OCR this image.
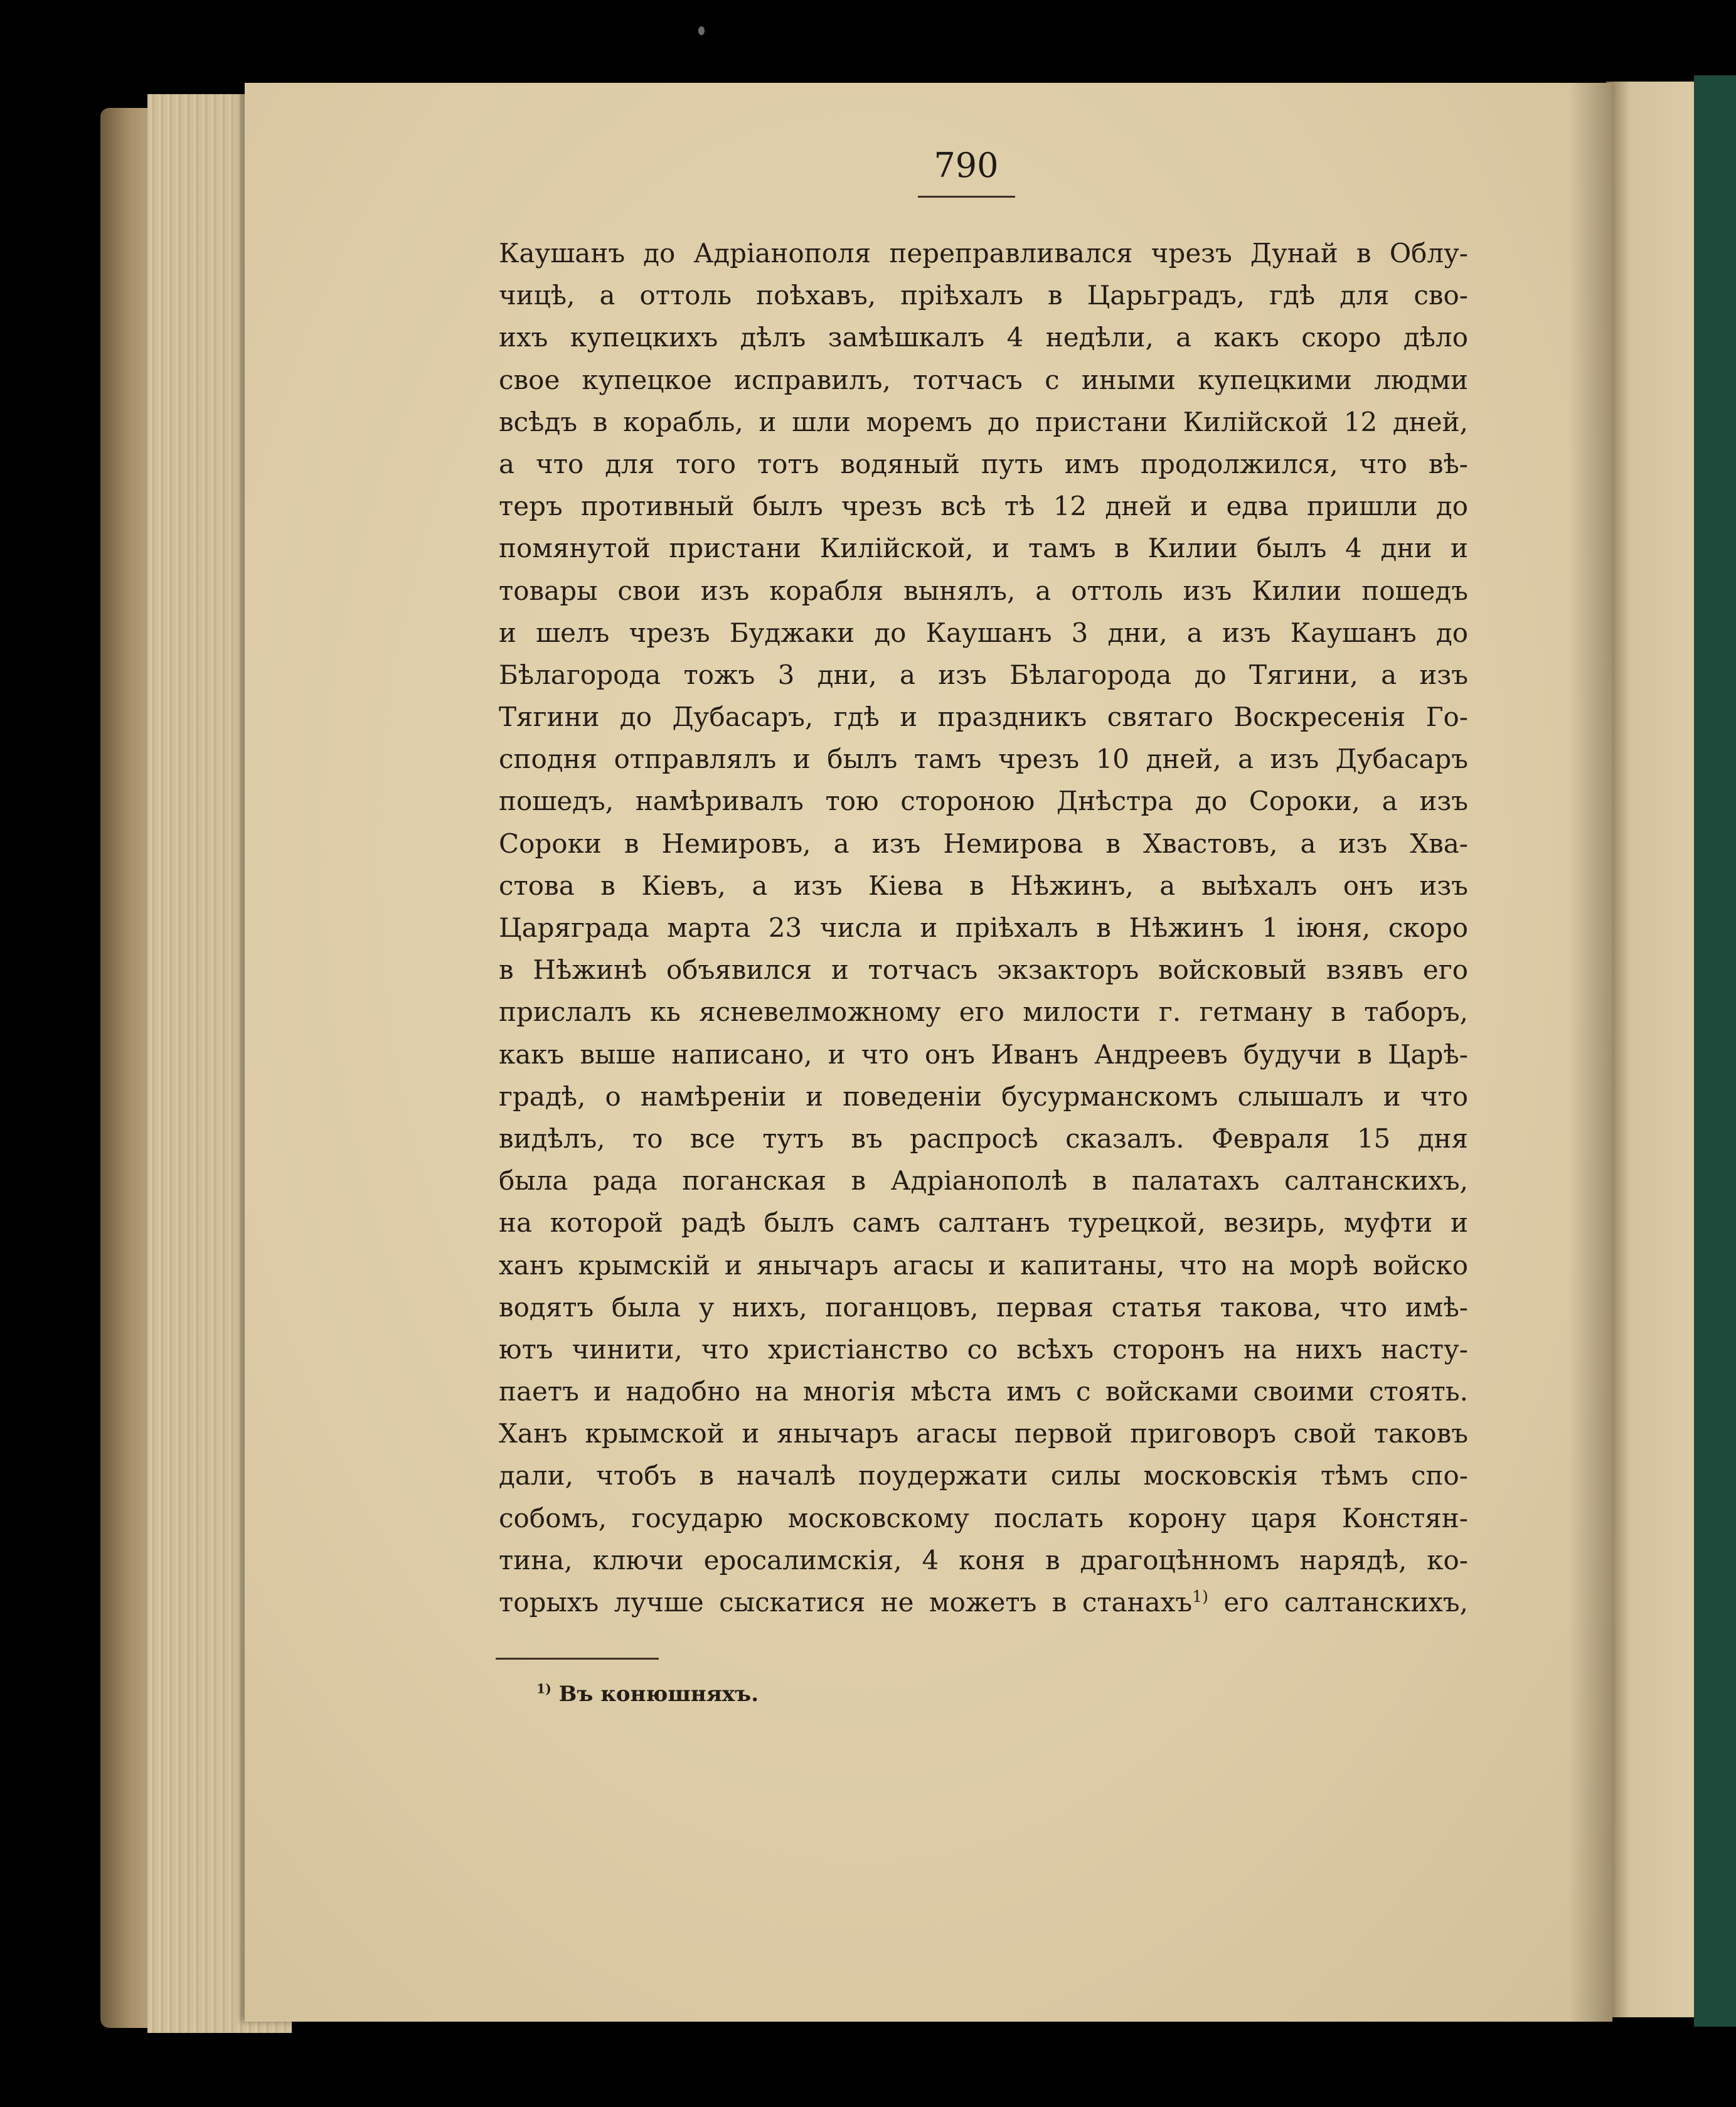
790
Каушанъ до Адріанополя переправливался чрезъ Дунай в Облу-
чицѣ, а оттоль поѣхавъ, пріѣхалъ в Царьградъ, гдѣ для сво-
ихъ купецкихъ дѣлъ замѣшкалъ 4 недѣли, а какъ скоро дѣло
свое купецкое исправилъ, тотчасъ с иными купецкими людми
всѣдъ в корабль, и шли моремъ до пристани Килійской 12 дней,
а что для того тотъ водяный путь имъ продолжился, что вѣ-
теръ противный былъ чрезъ всѣ тѣ 12 дней и едва пришли до
помянутой пристани Килійской, и тамъ в Килии былъ 4 дни и
товары свои изъ корабля вынялъ, а оттоль изъ Килии пошедъ
и шелъ чрезъ Буджаки до Каушанъ 3 дни, а изъ Каушанъ до
Бѣлагорода тожъ 3 дни, а изъ Бѣлагорода до Тягини, а изъ
Тягини до Дубасаръ, гдѣ и праздникъ святаго Воскресенія Го-
сподня отправлялъ и былъ тамъ чрезъ 10 дней, а изъ Дубасаръ
пошедъ, намѣривалъ тою стороною Днѣстра до Сороки, а изъ
Сороки в Немировъ, а изъ Немирова в Хвастовъ, а изъ Хва-
стова в Кіевъ, а изъ Кіева в Нѣжинъ, а выѣхалъ онъ изъ
Царяграда марта 23 числа и пріѣхалъ в Нѣжинъ 1 іюня, скоро
в Нѣжинѣ объявился и тотчасъ экзакторъ войсковый взявъ его
прислалъ кь ясневелможному его милости г. гетману в таборъ,
какъ выше написано, и что онъ Иванъ Андреевъ будучи в Царѣ-
градѣ, о намѣреніи и поведеніи бусурманскомъ слышалъ и что
видѣлъ, то все тутъ въ распросѣ сказалъ. Февраля 15 дня
была рада поганская в Адріанополѣ в палатахъ салтанскихъ,
на которой радѣ былъ самъ салтанъ турецкой, везирь, муфти и
ханъ крымскій и янычаръ агасы и капитаны, что на морѣ войско
водятъ была у нихъ, поганцовъ, первая статья такова, что имѣ-
ютъ чинити, что христіанство со всѣхъ сторонъ на нихъ насту-
паетъ и надобно на многія мѣста имъ с войсками своими стоять.
Ханъ крымской и янычаръ агасы первой приговоръ свой таковъ
дали, чтобъ в началѣ поудержати силы московскія тѣмъ спо-
собомъ, государю московскому послать корону царя Констян-
тина, ключи еросалимскія, 4 коня в драгоцѣнномъ нарядѣ, ко-
торыхъ лучше сыскатися не можетъ в станахъ$^{1)}$ его салтанскихъ,
$^{1)}$ Въ конюшняхъ.
